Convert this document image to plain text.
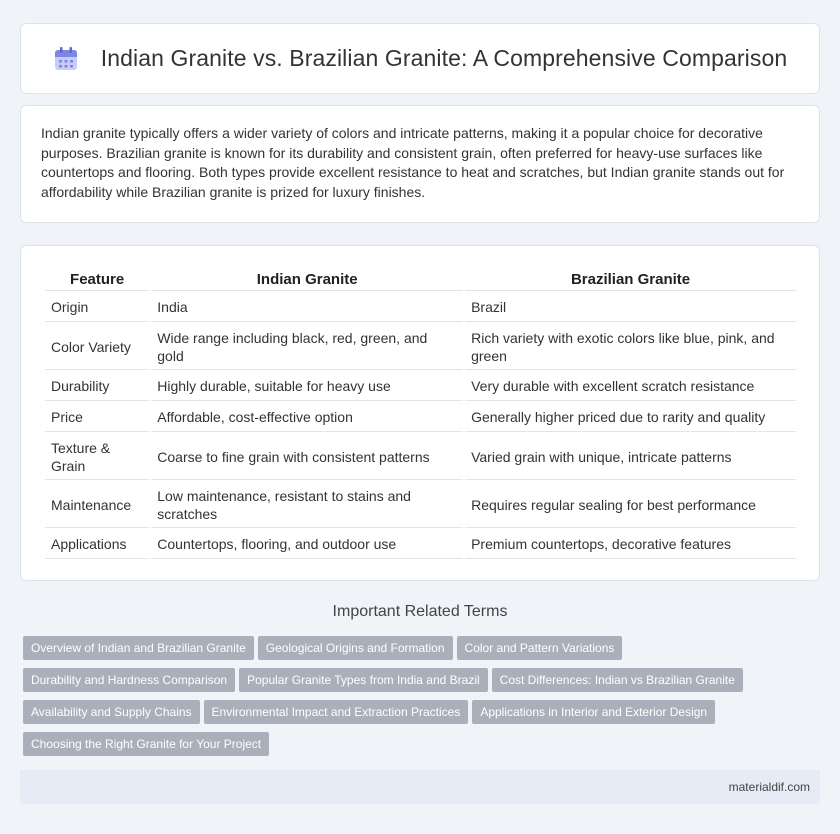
Indian Granite vs. Brazilian Granite: A Comprehensive Comparison

Indian granite typically offers a wider variety of colors and intricate patterns, making it a popular choice for decorative purposes. Brazilian granite is known for its durability and consistent grain, often preferred for heavy-use surfaces like countertops and flooring. Both types provide excellent resistance to heat and scratches, but Indian granite stands out for affordability while Brazilian granite is prized for luxury finishes.

Feature	Indian Granite	Brazilian Granite
Origin	India	Brazil
Color Variety	Wide range including black, red, green, and gold	Rich variety with exotic colors like blue, pink, and green
Durability	Highly durable, suitable for heavy use	Very durable with excellent scratch resistance
Price	Affordable, cost-effective option	Generally higher priced due to rarity and quality
Texture & Grain	Coarse to fine grain with consistent patterns	Varied grain with unique, intricate patterns
Maintenance	Low maintenance, resistant to stains and scratches	Requires regular sealing for best performance
Applications	Countertops, flooring, and outdoor use	Premium countertops, decorative features
Important Related Terms
Overview of Indian and Brazilian Granite Geological Origins and Formation Color and Pattern Variations
Durability and Hardness Comparison Popular Granite Types from India and Brazil Cost Differences: Indian vs Brazilian Granite
Availability and Supply Chains Environmental Impact and Extraction Practices Applications in Interior and Exterior Design
Choosing the Right Granite for Your Project
materialdif.com
